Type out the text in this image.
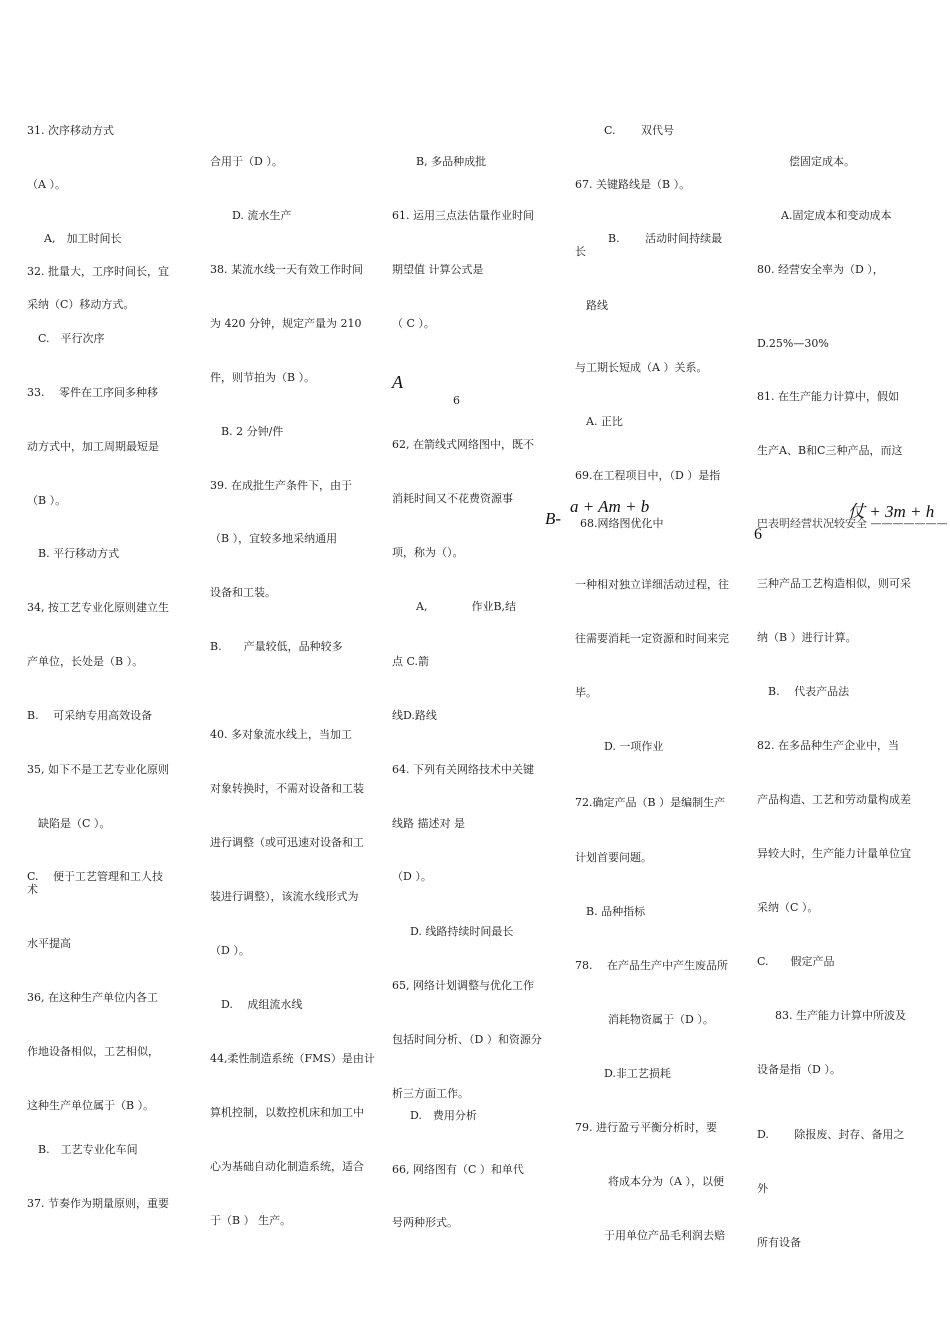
31. 次序移动方式
（A ）。
A,　加工时间长
32. 批量大，工序时间长，宜
采纳（C）移动方式。
C.　平行次序
33.　 零件在工序间多种移
动方式中，加工周期最短是
（B ）。
B. 平行移动方式
34, 按工艺专业化原则建立生
产单位，长处是（B ）。
B.　 可采纳专用高效设备
35, 如下不是工艺专业化原则
缺陷是（C ）。
C.　 便于工艺管理和工人技
术
水平提高
36, 在这种生产单位内各工
作地设备相似，工艺相似，
这种生产单位属于（B ）。
B.　工艺专业化车间
37. 节奏作为期量原则，重要
合用于（D ）。
D. 流水生产
38. 某流水线一天有效工作时间
为 420 分钟，规定产量为 210
件，则节拍为（B ）。
B. 2 分钟/件
39. 在成批生产条件下，由于
（B ），宜较多地采纳通用
设备和工装。
B.　　产量较低，品种较多
40. 多对象流水线上，当加工
对象转换时，不需对设备和工装
进行调整（或可迅速对设备和工
装进行调整），该流水线形式为
（D ）。
D.　 成组流水线
44,柔性制造系统（FMS）是由计
算机控制，以数控机床和加工中
心为基础自动化制造系统，适合
于（B ） 生产。
B, 多品种成批
61. 运用三点法估量作业时间
期望值 计算公式是
（ C ）。
6
62, 在箭线式网络图中，既不
消耗时间又不花费资源事
项，称为（）。
A,　　　　作业B,结
点 C.箭
线D.路线
64. 下列有关网络技术中关键
线路 描述对 是
（D ）。
D. 线路持续时间最长
65, 网络计划调整与优化工作
包括时间分析、（D ）和资源分
析三方面工作。
D.　费用分析
66, 网络图有（C ）和单代
号两种形式。
C.　　 双代号
67. 关键路线是（B ）。
B.　　 活动时间持续最
长
路线
与工期长短成（A ）关系。
A. 正比
69.在工程项目中，（D ）是指
68.网络图优化中
一种相对独立详细活动过程，往
往需要消耗一定资源和时间来完
毕。
D. 一项作业
72.确定产品（B ）是编制生产
计划首要问题。
B. 品种指标
78.　 在产品生产中产生废品所
消耗物资属于（D ）。
D.非工艺损耗
79. 进行盈亏平衡分析时，要
将成本分为（A ），以便
于用单位产品毛利润去赔
偿固定成本。
A.固定成本和变动成本
80. 经营安全率为（D ），
D.25%—30%
81. 在生产能力计算中，假如
生产A、B和C三种产品，而这
三种产品工艺构造相似，则可采
纳（B ）进行计算。
B.　 代表产品法
82. 在多品种生产企业中，当
产品构造、工艺和劳动量构成差
异较大时，生产能力计量单位宜
采纳（C ）。
C.　　假定产品
83. 生产能力计算中所波及
设备是指（D ）。
D.　　 除报废、封存、备用之
外
所有设备
A
B-
a + Am + b
巴表明经营状况较安全 ———————
仗 + 3m + h
6
